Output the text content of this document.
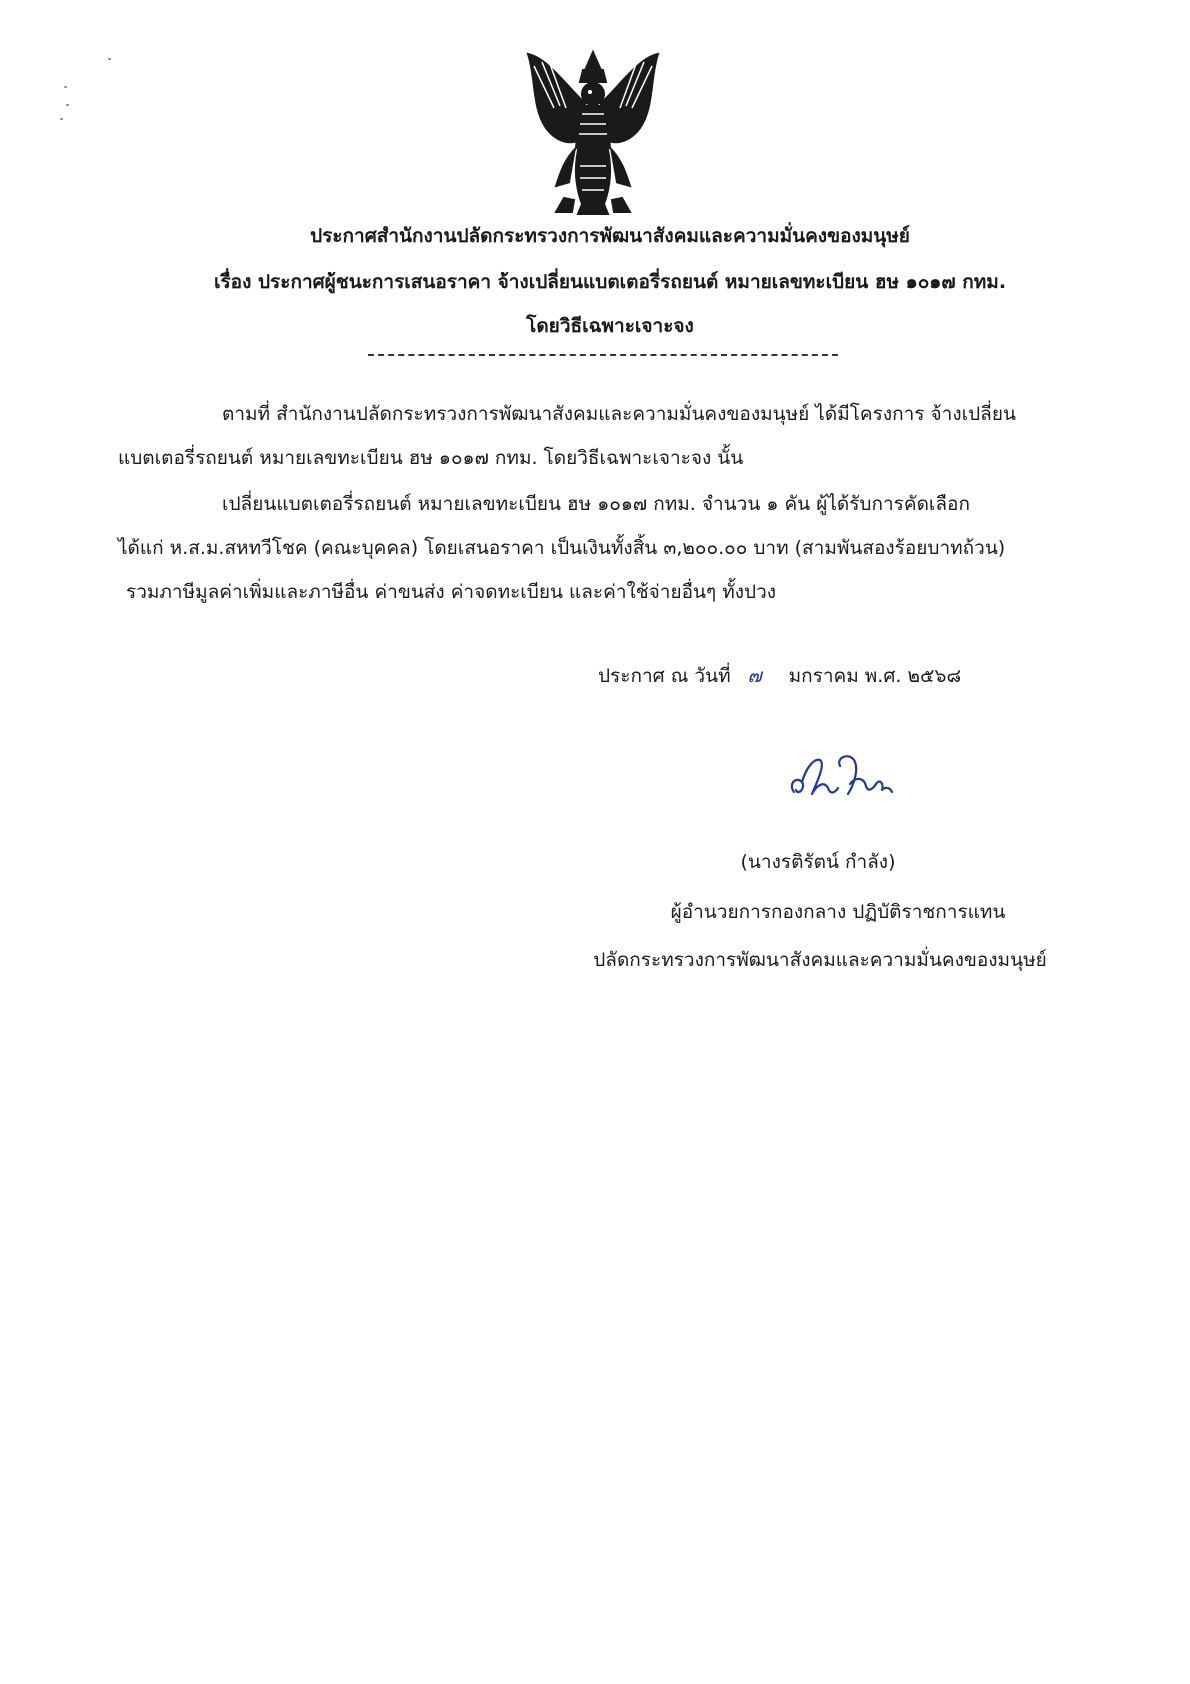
ประกาศสำนักงานปลัดกระทรวงการพัฒนาสังคมและความมั่นคงของมนุษย์
เรื่อง ประกาศผู้ชนะการเสนอราคา จ้างเปลี่ยนแบตเตอรี่รถยนต์ หมายเลขทะเบียน ฮษ ๑๐๑๗ กทม.
โดยวิธีเฉพาะเจาะจง
ตามที่ สำนักงานปลัดกระทรวงการพัฒนาสังคมและความมั่นคงของมนุษย์ ได้มีโครงการ จ้างเปลี่ยน
แบตเตอรี่รถยนต์ หมายเลขทะเบียน ฮษ ๑๐๑๗ กทม. โดยวิธีเฉพาะเจาะจง นั้น
เปลี่ยนแบตเตอรี่รถยนต์ หมายเลขทะเบียน ฮษ ๑๐๑๗ กทม. จำนวน ๑ คัน ผู้ได้รับการคัดเลือก
ได้แก่ ห.ส.ม.สหทวีโชค (คณะบุคคล) โดยเสนอราคา เป็นเงินทั้งสิ้น ๓,๒๐๐.๐๐ บาท (สามพันสองร้อยบาทถ้วน)
รวมภาษีมูลค่าเพิ่มและภาษีอื่น ค่าขนส่ง ค่าจดทะเบียน และค่าใช้จ่ายอื่นๆ ทั้งปวง
ประกาศ ณ วันที่ ๗ มกราคม พ.ศ. ๒๕๖๘
(นางรติรัตน์ กำลัง)
ผู้อำนวยการกองกลาง ปฏิบัติราชการแทน
ปลัดกระทรวงการพัฒนาสังคมและความมั่นคงของมนุษย์
